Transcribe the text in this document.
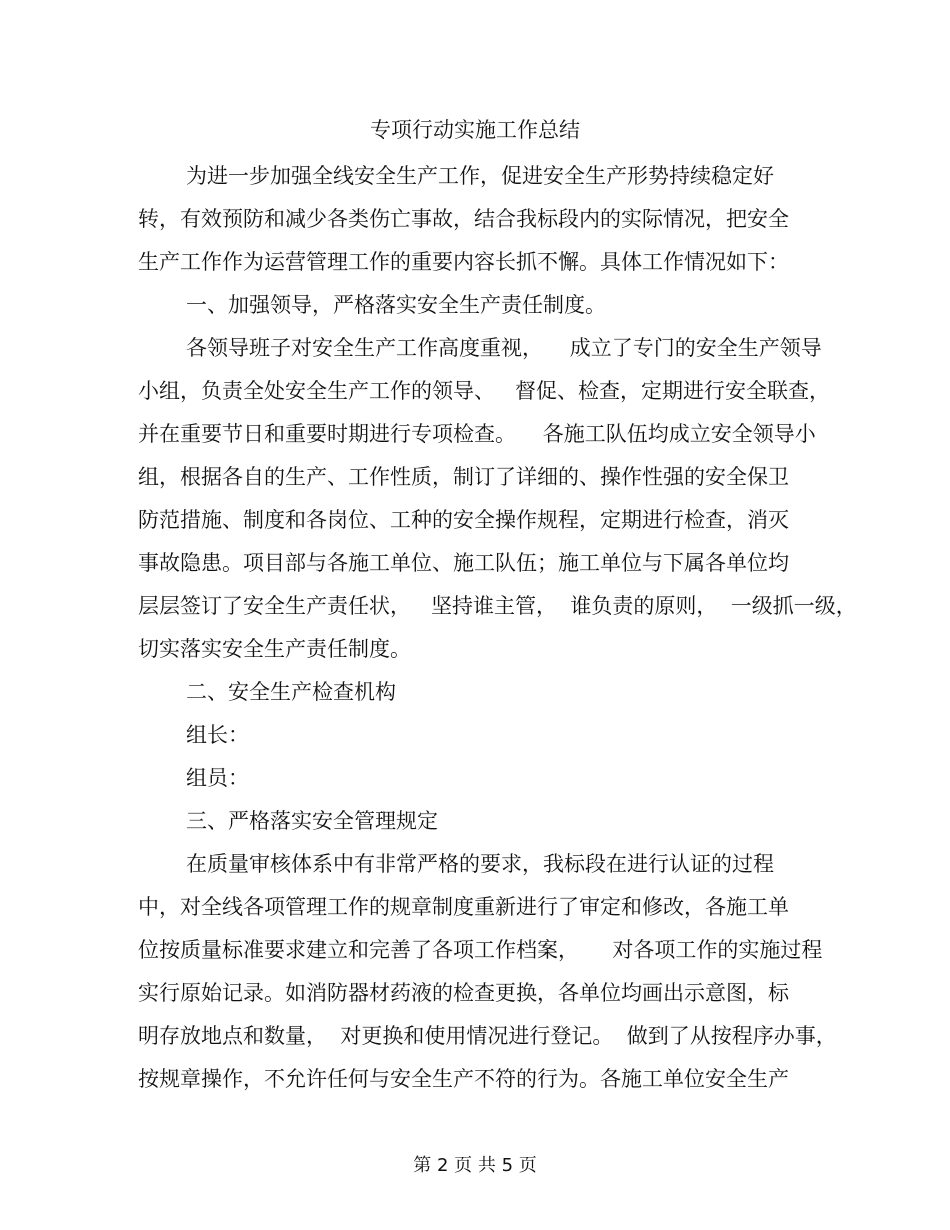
专项行动实施工作总结
为进一步加强全线安全生产工作，促进安全生产形势持续稳定好
转，有效预防和减少各类伤亡事故，结合我标段内的实际情况，把安全
生产工作作为运营管理工作的重要内容长抓不懈。具体工作情况如下：
一、加强领导，严格落实安全生产责任制度。
各领导班子对安全生产工作高度重视，    成立了专门的安全生产领导
小组，负责全处安全生产工作的领导、   督促、检查，定期进行安全联查，
并在重要节日和重要时期进行专项检查。    各施工队伍均成立安全领导小
组，根据各自的生产、工作性质，制订了详细的、操作性强的安全保卫
防范措施、制度和各岗位、工种的安全操作规程，定期进行检查，消灭
事故隐患。项目部与各施工单位、施工队伍；施工单位与下属各单位均
层层签订了安全生产责任状，   坚持谁主管，  谁负责的原则，  一级抓一级，
切实落实安全生产责任制度。
二、安全生产检查机构
组长：
组员：
三、严格落实安全管理规定
在质量审核体系中有非常严格的要求，我标段在进行认证的过程
中，对全线各项管理工作的规章制度重新进行了审定和修改，各施工单
位按质量标准要求建立和完善了各项工作档案，     对各项工作的实施过程
实行原始记录。如消防器材药液的检查更换，各单位均画出示意图，标
明存放地点和数量，  对更换和使用情况进行登记。  做到了从按程序办事，
按规章操作，不允许任何与安全生产不符的行为。各施工单位安全生产
第 2 页 共 5 页
